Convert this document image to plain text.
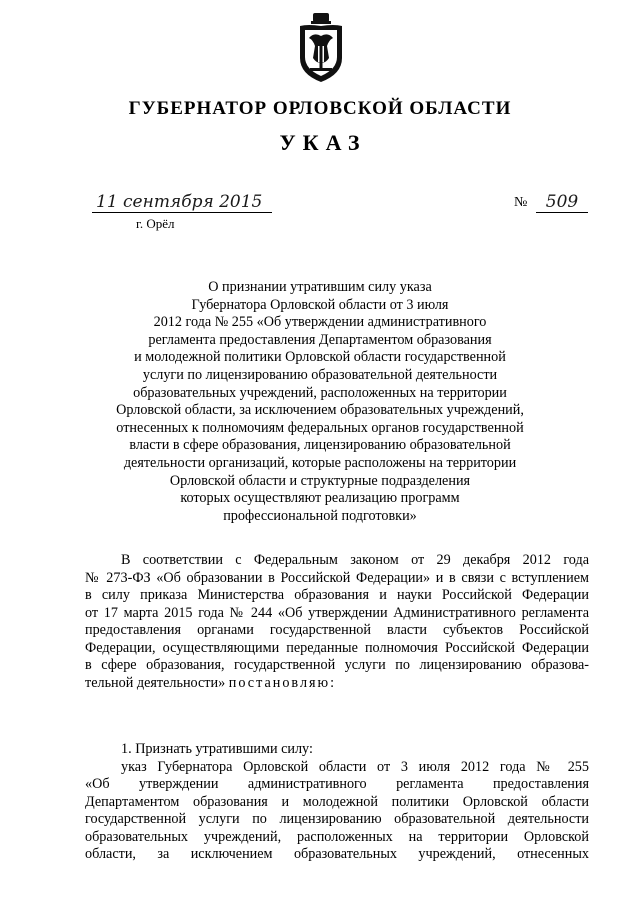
ГУБЕРНАТОР ОРЛОВСКОЙ ОБЛАСТИ
УКАЗ
11 сентября 2015
г. Орёл
№	509
О признании утратившим силу указа
Губернатора Орловской области от 3 июля
2012 года № 255 «Об утверждении административного
регламента предоставления Департаментом образования
и молодежной политики Орловской области государственной
услуги по лицензированию образовательной деятельности
образовательных учреждений, расположенных на территории
Орловской области, за исключением образовательных учреждений,
отнесенных к полномочиям федеральных органов государственной
власти в сфере образования, лицензированию образовательной
деятельности организаций, которые расположены на территории
Орловской области и структурные подразделения
которых осуществляют реализацию программ
профессиональной подготовки»
В соответствии с Федеральным законом от 29 декабря 2012 года
№ 273-ФЗ «Об образовании в Российской Федерации» и в связи с вступлением
в силу приказа Министерства образования и науки Российской Федерации
от 17 марта 2015 года № 244 «Об утверждении Административного регламента
предоставления органами государственной власти субъектов Российской
Федерации, осуществляющими переданные полномочия Российской Федерации
в сфере образования, государственной услуги по лицензированию образова-
тельной деятельности» постановляю:
1. Признать утратившими силу:
указ Губернатора Орловской области от 3 июля 2012 года № 255
«Об утверждении административного регламента предоставления
Департаментом образования и молодежной политики Орловской области
государственной услуги по лицензированию образовательной деятельности
образовательных учреждений, расположенных на территории Орловской
области, за исключением образовательных учреждений, отнесенных
